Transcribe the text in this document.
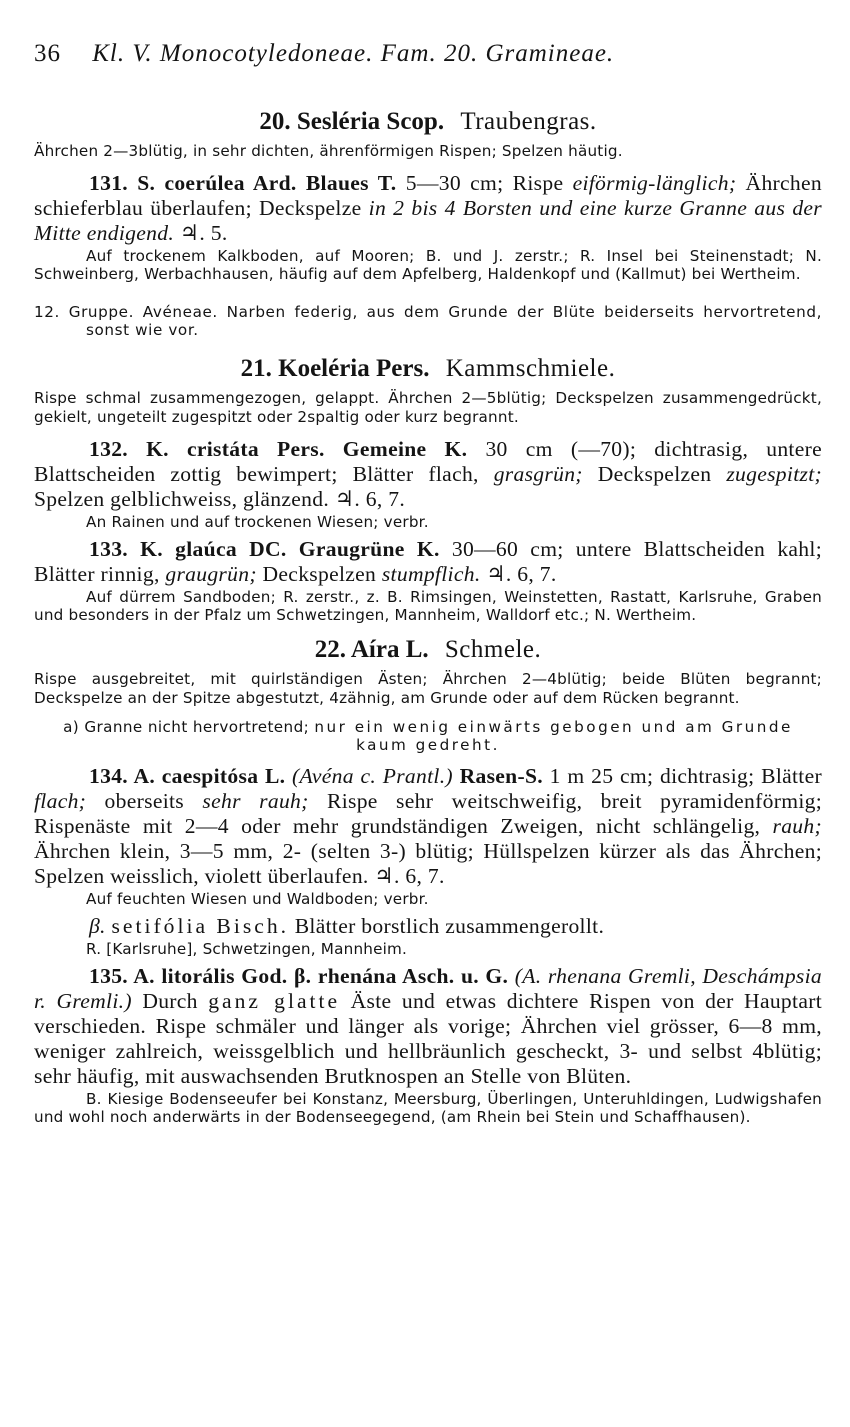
36 Kl. V. Monocotyledoneae. Fam. 20. Gramineae.
20. Sesléria Scop. Traubengras.

Ährchen 2—3blütig, in sehr dichten, ährenförmigen Rispen; Spelzen häutig.

131. S. coerúlea Ard. Blaues T. 5—30 cm; Rispe eiförmig-länglich; Ährchen schieferblau überlaufen; Deckspelze in 2 bis 4 Borsten und eine kurze Granne aus der Mitte endigend. ♃. 5.

Auf trockenem Kalkboden, auf Mooren; B. und J. zerstr.; R. Insel bei Steinenstadt; N. Schweinberg, Werbachhausen, häufig auf dem Apfelberg, Haldenkopf und (Kallmut) bei Wertheim.

12. Gruppe. Avéneae. Narben federig, aus dem Grunde der Blüte beiderseits hervortretend, sonst wie vor.

21. Koeléria Pers. Kammschmiele.

Rispe schmal zusammengezogen, gelappt. Ährchen 2—5blütig; Deckspelzen zusammengedrückt, gekielt, ungeteilt zugespitzt oder 2spaltig oder kurz begrannt.

132. K. cristáta Pers. Gemeine K. 30 cm (—70); dichtrasig, untere Blattscheiden zottig bewimpert; Blätter flach, grasgrün; Deckspelzen zugespitzt; Spelzen gelblichweiss, glänzend. ♃. 6, 7.

An Rainen und auf trockenen Wiesen; verbr.

133. K. glaúca DC. Graugrüne K. 30—60 cm; untere Blattscheiden kahl; Blätter rinnig, graugrün; Deckspelzen stumpflich. ♃. 6, 7.

Auf dürrem Sandboden; R. zerstr., z. B. Rimsingen, Weinstetten, Rastatt, Karlsruhe, Graben und besonders in der Pfalz um Schwetzingen, Mannheim, Walldorf etc.; N. Wertheim.

22. Aíra L. Schmele.

Rispe ausgebreitet, mit quirlständigen Ästen; Ährchen 2—4blütig; beide Blüten begrannt; Deckspelze an der Spitze abgestutzt, 4zähnig, am Grunde oder auf dem Rücken begrannt.

a) Granne nicht hervortretend; nur ein wenig einwärts gebogen und am Grunde kaum gedreht.

134. A. caespitósa L. (Avéna c. Prantl.) Rasen-S. 1 m 25 cm; dichtrasig; Blätter flach; oberseits sehr rauh; Rispe sehr weitschweifig, breit pyramidenförmig; Rispenäste mit 2—4 oder mehr grundständigen Zweigen, nicht schlängelig, rauh; Ährchen klein, 3—5 mm, 2- (selten 3-) blütig; Hüllspelzen kürzer als das Ährchen; Spelzen weisslich, violett überlaufen. ♃. 6, 7.

Auf feuchten Wiesen und Waldboden; verbr.

β. setifólia Bisch. Blätter borstlich zusammengerollt.

R. [Karlsruhe], Schwetzingen, Mannheim.

135. A. litorális God. β. rhenána Asch. u. G. (A. rhenana Gremli, Deschámpsia r. Gremli.) Durch ganz glatte Äste und etwas dichtere Rispen von der Hauptart verschieden. Rispe schmäler und länger als vorige; Ährchen viel grösser, 6—8 mm, weniger zahlreich, weissgelblich und hellbräunlich gescheckt, 3- und selbst 4blütig; sehr häufig, mit auswachsenden Brutknospen an Stelle von Blüten.

B. Kiesige Bodenseeufer bei Konstanz, Meersburg, Überlingen, Unteruhldingen, Ludwigshafen und wohl noch anderwärts in der Bodenseegegend, (am Rhein bei Stein und Schaffhausen).
